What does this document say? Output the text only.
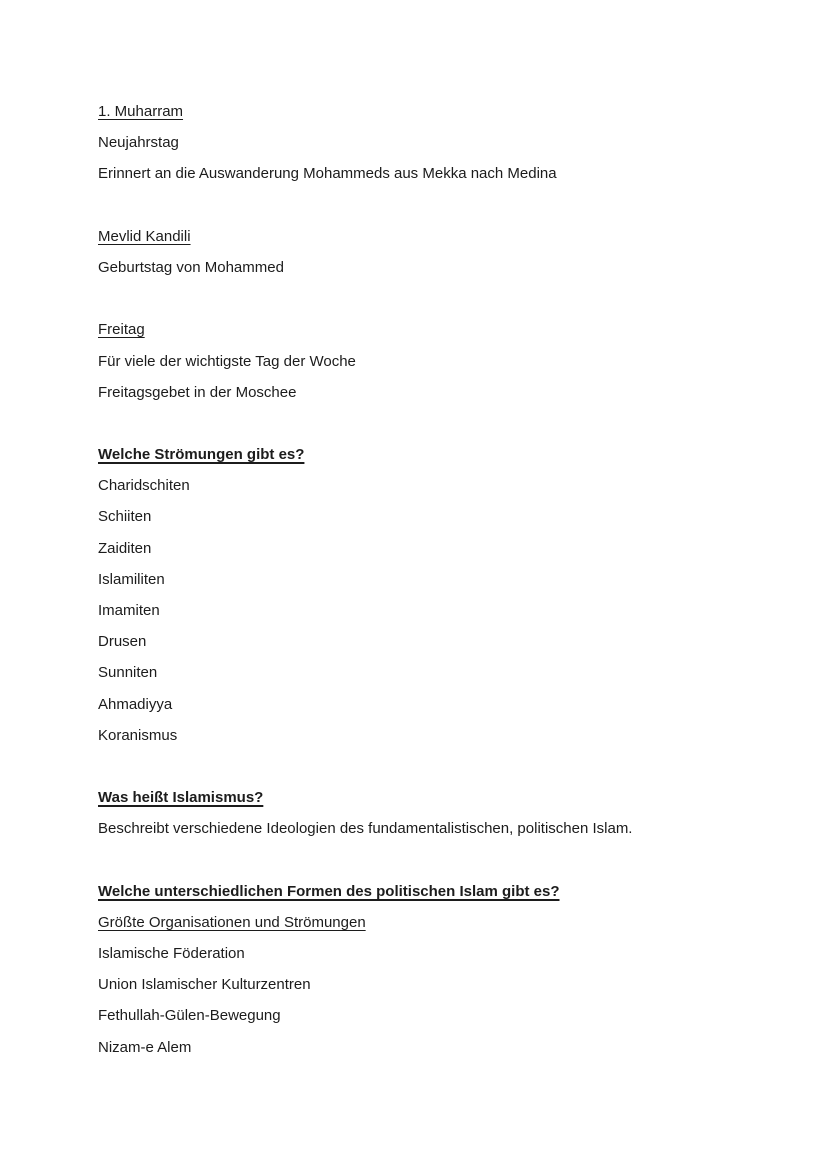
1. Muharram
Neujahrstag
Erinnert an die Auswanderung Mohammeds aus Mekka nach Medina
Mevlid Kandili
Geburtstag von Mohammed
Freitag
Für viele der wichtigste Tag der Woche
Freitagsgebet in der Moschee
Welche Strömungen gibt es?
Charidschiten
Schiiten
Zaiditen
Islamiliten
Imamiten
Drusen
Sunniten
Ahmadiyya
Koranismus
Was heißt Islamismus?
Beschreibt verschiedene Ideologien des fundamentalistischen, politischen Islam.
Welche unterschiedlichen Formen des politischen Islam gibt es?
Größte Organisationen und Strömungen
Islamische Föderation
Union Islamischer Kulturzentren
Fethullah-Gülen-Bewegung
Nizam-e Alem
